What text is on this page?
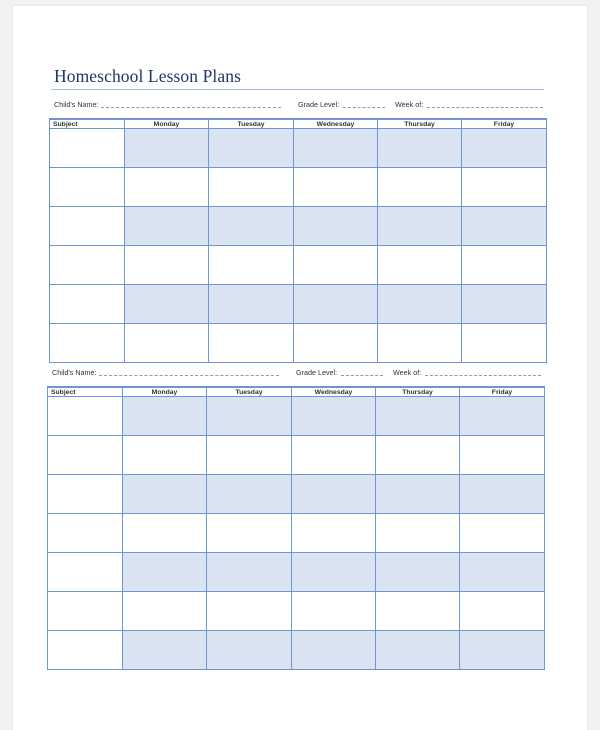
Homeschool Lesson Plans
Child's Name:	Grade Level:	Week of:
Subject	Monday	Tuesday	Wednesday	Thursday	Friday

Child's Name:	Grade Level:	Week of:
Subject	Monday	Tuesday	Wednesday	Thursday	Friday
